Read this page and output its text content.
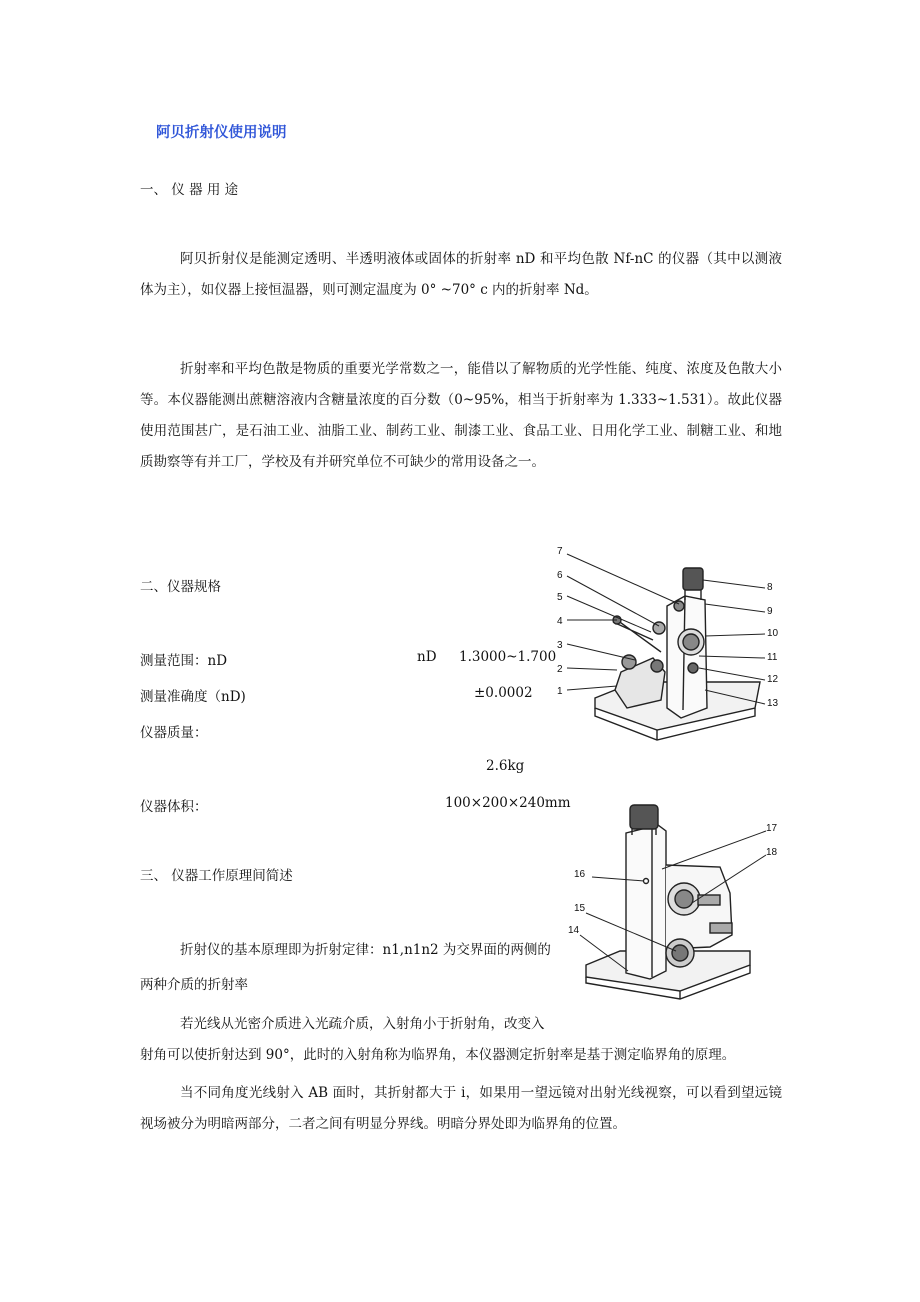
阿贝折射仪使用说明
一、 仪 器 用 途
阿贝折射仪是能测定透明、半透明液体或固体的折射率 nD 和平均色散 Nf-nC 的仪器（其中以测液体为主），如仪器上接恒温器，则可测定温度为 0° ~70° c 内的折射率 Nd。
折射率和平均色散是物质的重要光学常数之一，能借以了解物质的光学性能、纯度、浓度及色散大小等。本仪器能测出蔗糖溶液内含糖量浓度的百分数（0~95%，相当于折射率为 1.333~1.531）。故此仪器使用范围甚广，是石油工业、油脂工业、制药工业、制漆工业、食品工业、日用化学工业、制糖工业、和地质勘察等有并工厂，学校及有并研究单位不可缺少的常用设备之一。
二、仪器规格
测量范围：nD	nD 1.3000~1.700
测量准确度（nD)	±0.0002
仪器质量：
2.6kg
仪器体积：	100×200×240mm
三、 仪器工作原理间简述
折射仪的基本原理即为折射定律：n1,n1n2 为交界面的两侧的
两种介质的折射率
若光线从光密介质进入光疏介质，入射角小于折射角，改变入
射角可以使折射达到 90°，此时的入射角称为临界角，本仪器测定折射率是基于测定临界角的原理。
当不同角度光线射入 AB 面时，其折射都大于 i，如果用一望远镜对出射光线视察，可以看到望远镜视场被分为明暗两部分，二者之间有明显分界线。明暗分界处即为临界角的位置。
1
2
3
4
5
6
7
8
9
10
11
12
13
14
15
16
17
18
